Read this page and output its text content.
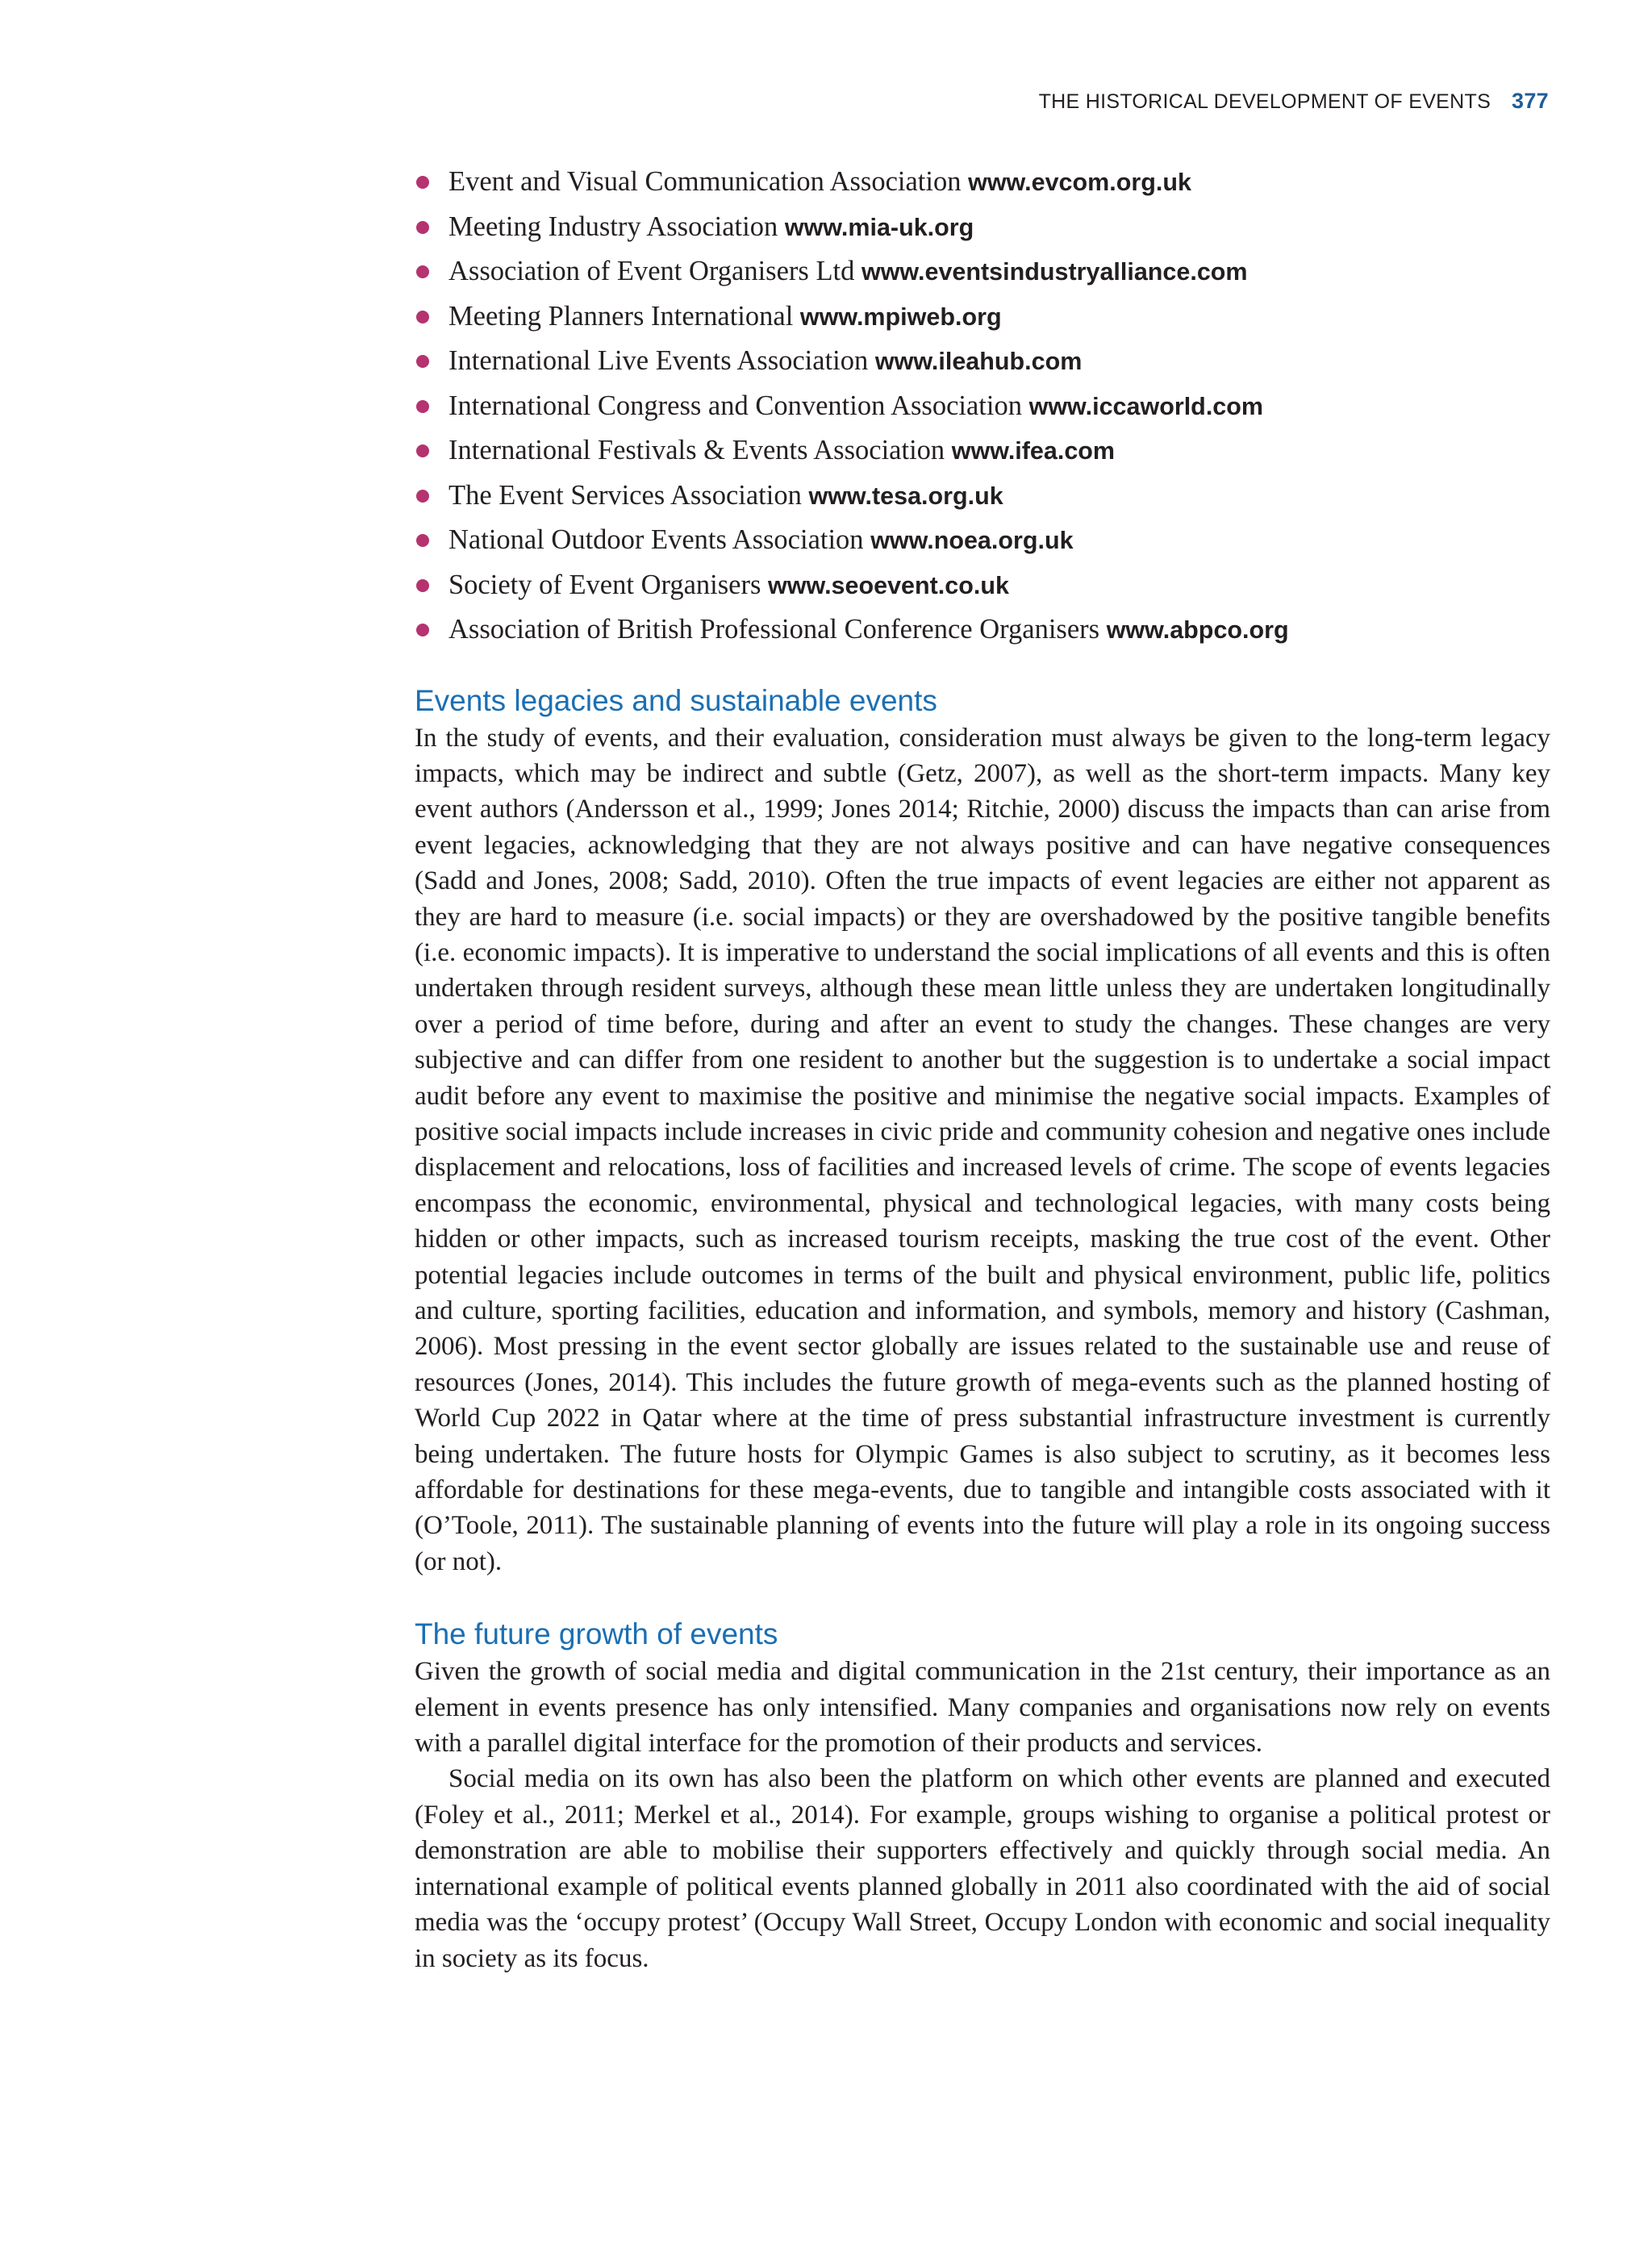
THE HISTORICAL DEVELOPMENT OF EVENTS 377
Event and Visual Communication Association www.evcom.org.uk
Meeting Industry Association www.mia-uk.org
Association of Event Organisers Ltd www.eventsindustryalliance.com
Meeting Planners International www.mpiweb.org
International Live Events Association www.ileahub.com
International Congress and Convention Association www.iccaworld.com
International Festivals & Events Association www.ifea.com
The Event Services Association www.tesa.org.uk
National Outdoor Events Association www.noea.org.uk
Society of Event Organisers www.seoevent.co.uk
Association of British Professional Conference Organisers www.abpco.org
Events legacies and sustainable events

In the study of events, and their evaluation, consideration must always be given to the long-term legacy impacts, which may be indirect and subtle (Getz, 2007), as well as the short-term impacts. Many key event authors (Andersson et al., 1999; Jones 2014; Ritchie, 2000) discuss the impacts than can arise from event legacies, acknowledging that they are not always positive and can have negative consequences (Sadd and Jones, 2008; Sadd, 2010). Often the true impacts of event legacies are either not apparent as they are hard to measure (i.e. social impacts) or they are overshadowed by the positive tangible benefits (i.e. economic impacts). It is imperative to understand the social implications of all events and this is often undertaken through resident surveys, although these mean little unless they are undertaken longitudinally over a period of time before, during and after an event to study the changes. These changes are very subjective and can differ from one resident to another but the suggestion is to undertake a social impact audit before any event to maximise the positive and minimise the negative social impacts. Examples of positive social impacts include increases in civic pride and community cohesion and negative ones include displacement and relocations, loss of facilities and increased levels of crime. The scope of events legacies encompass the economic, environmental, physical and technological legacies, with many costs being hidden or other impacts, such as increased tourism receipts, masking the true cost of the event. Other potential legacies include outcomes in terms of the built and physical environment, public life, politics and culture, sporting facilities, education and information, and symbols, memory and history (Cashman, 2006). Most pressing in the event sector globally are issues related to the sustainable use and reuse of resources (Jones, 2014). This includes the future growth of mega-events such as the planned hosting of World Cup 2022 in Qatar where at the time of press substantial infrastructure investment is currently being undertaken. The future hosts for Olympic Games is also subject to scrutiny, as it becomes less affordable for destinations for these mega-events, due to tangible and intangible costs associated with it (O’Toole, 2011). The sustainable planning of events into the future will play a role in its ongoing success (or not).

The future growth of events

Given the growth of social media and digital communication in the 21st century, their importance as an element in events presence has only intensified. Many companies and organisations now rely on events with a parallel digital interface for the promotion of their products and services.

Social media on its own has also been the platform on which other events are planned and executed (Foley et al., 2011; Merkel et al., 2014). For example, groups wishing to organise a political protest or demonstration are able to mobilise their supporters effectively and quickly through social media. An international example of political events planned globally in 2011 also coordinated with the aid of social media was the ‘occupy protest’ (Occupy Wall Street, Occupy London with economic and social inequality in society as its focus.
